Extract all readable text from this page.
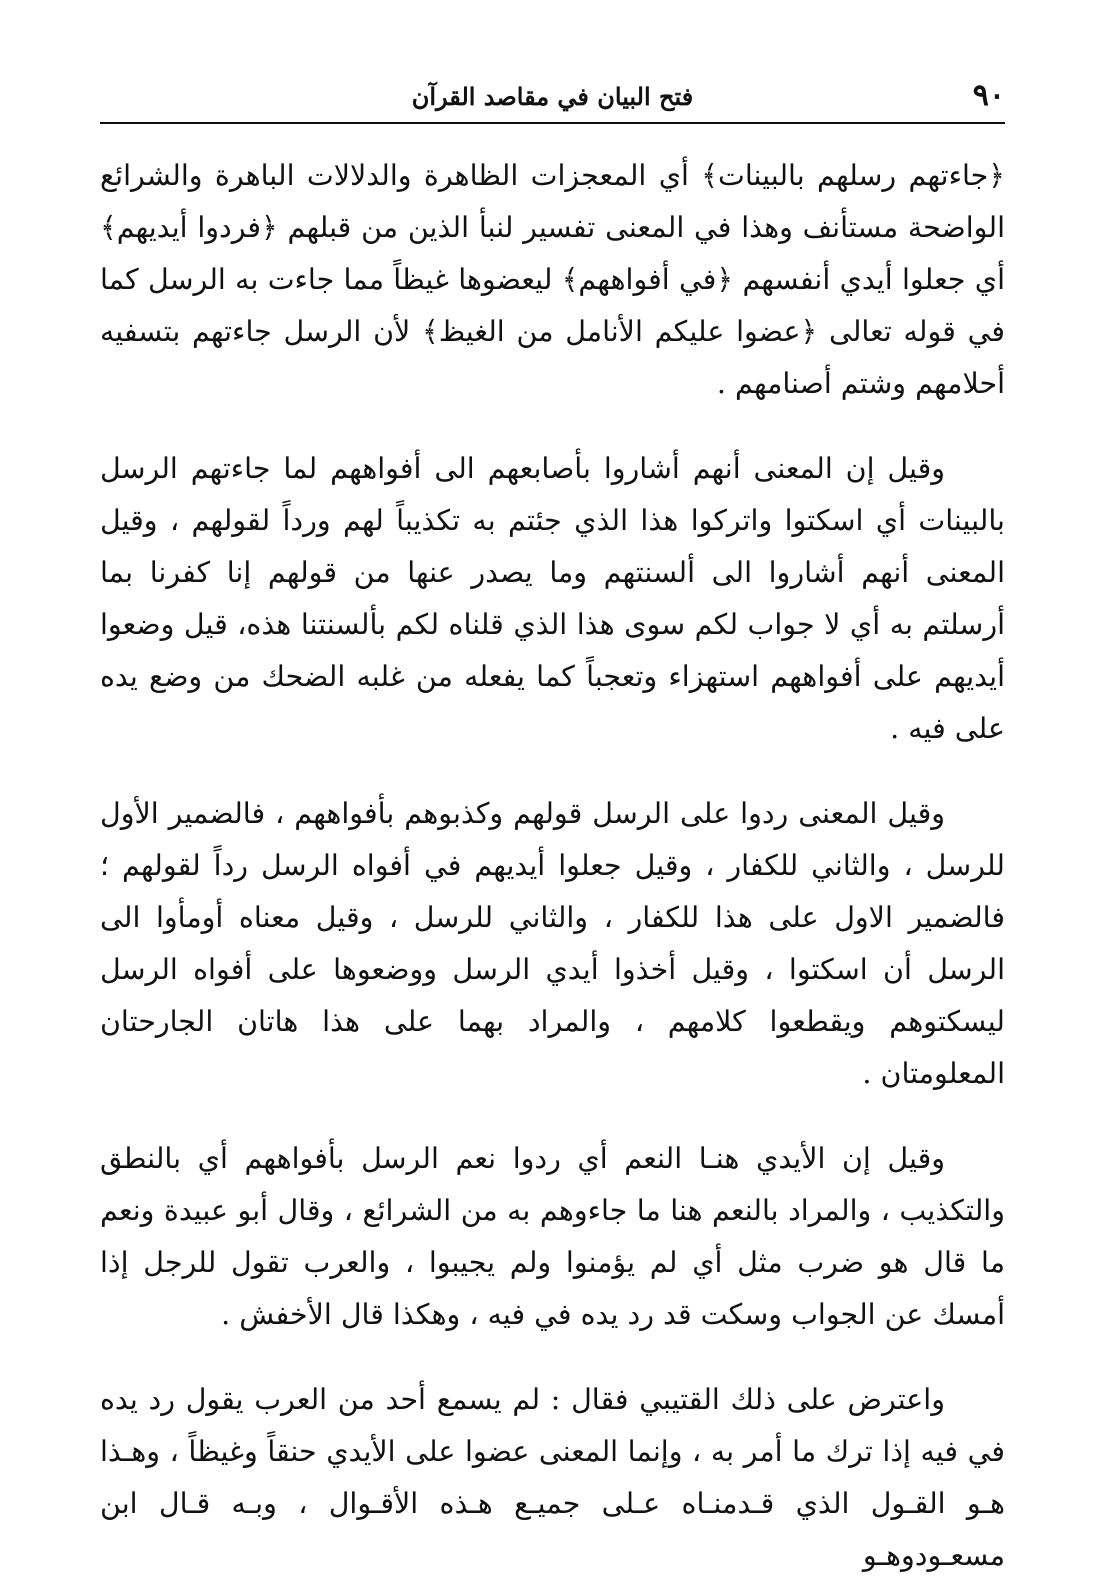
٩٠
فتح البيان في مقاصد القرآن

﴿جاءتهم رسلهم بالبينات﴾ أي المعجزات الظاهرة والدلالات الباهرة والشرائع الواضحة مستأنف وهذا في المعنى تفسير لنبأ الذين من قبلهم ﴿فردوا أيديهم﴾ أي جعلوا أيدي أنفسهم ﴿في أفواههم﴾ ليعضوها غيظاً مما جاءت به الرسل كما في قوله تعالى ﴿عضوا عليكم الأنامل من الغيظ﴾ لأن الرسل جاءتهم بتسفيه أحلامهم وشتم أصنامهم .

وقيل إن المعنى أنهم أشاروا بأصابعهم الى أفواههم لما جاءتهم الرسل بالبينات أي اسكتوا واتركوا هذا الذي جئتم به تكذيباً لهم ورداً لقولهم ، وقيل المعنى أنهم أشاروا الى ألسنتهم وما يصدر عنها من قولهم إنا كفرنا بما أرسلتم به أي لا جواب لكم سوى هذا الذي قلناه لكم بألسنتنا هذه، قيل وضعوا أيديهم على أفواههم استهزاء وتعجباً كما يفعله من غلبه الضحك من وضع يده على فيه .

وقيل المعنى ردوا على الرسل قولهم وكذبوهم بأفواههم ، فالضمير الأول للرسل ، والثاني للكفار ، وقيل جعلوا أيديهم في أفواه الرسل رداً لقولهم ؛ فالضمير الاول على هذا للكفار ، والثاني للرسل ، وقيل معناه أومأوا الى الرسل أن اسكتوا ، وقيل أخذوا أيدي الرسل ووضعوها على أفواه الرسل ليسكتوهم ويقطعوا كلامهم ، والمراد بهما على هذا هاتان الجارحتان المعلومتان .

وقيل إن الأيدي هنـا النعم أي ردوا نعم الرسل بأفواههم أي بالنطق والتكذيب ، والمراد بالنعم هنا ما جاءوهم به من الشرائع ، وقال أبو عبيدة ونعم ما قال هو ضرب مثل أي لم يؤمنوا ولم يجيبوا ، والعرب تقول للرجل إذا أمسك عن الجواب وسكت قد رد يده في فيه ، وهكذا قال الأخفش .

واعترض على ذلك القتيبي فقال : لم يسمع أحد من العرب يقول رد يده في فيه إذا ترك ما أمر به ، وإنما المعنى عضوا على الأيدي حنقاً وغيظاً ، وهـذا هـو القـول الذي قـدمنـاه عـلى جميـع هـذه الأقـوال ، وبـه قـال ابن مسعـودوهـو
